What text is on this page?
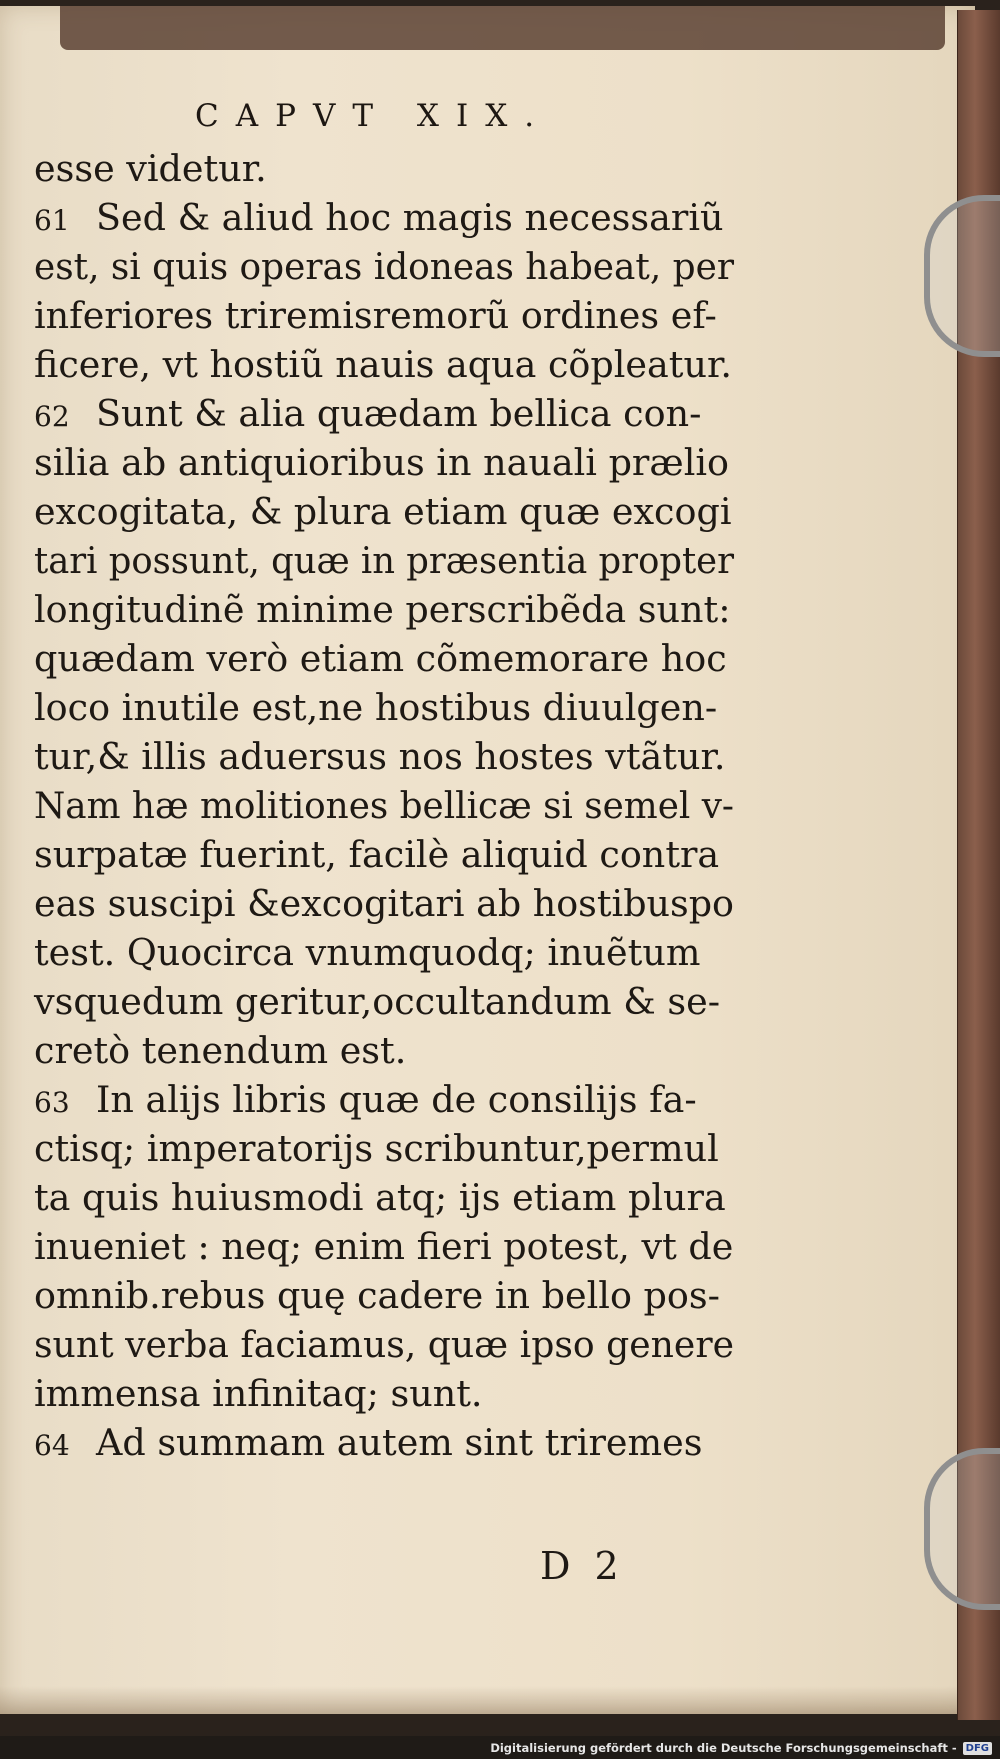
CAPVT XIX.
esse videtur.
61 Sed & aliud hoc magis necessariũ
est, si quis operas idoneas habeat, per
inferiores triremisremorũ ordines ef-
ficere, vt hostiũ nauis aqua cõpleatur.
62 Sunt & alia quædam bellica con-
silia ab antiquioribus in nauali prælio
excogitata, & plura etiam quæ excogi
tari possunt, quæ in præsentia propter
longitudinẽ minime perscribẽda sunt:
quædam verò etiam cõmemorare hoc
loco inutile est,ne hostibus diuulgen-
tur,& illis aduersus nos hostes vtãtur.
Nam hæ molitiones bellicæ si semel v-
surpatæ fuerint, facilè aliquid contra
eas suscipi &excogitari ab hostibuspo
test. Quocirca vnumquodq; inuẽtum
vsquedum geritur,occultandum & se-
cretò tenendum est.
63 In alijs libris quæ de consilijs fa-
ctisq; imperatorijs scribuntur,permul
ta quis huiusmodi atq; ijs etiam plura
inueniet : neq; enim fieri potest, vt de
omnib.rebus quę cadere in bello pos-
sunt verba faciamus, quæ ipso genere
immensa infinitaq; sunt.
64 Ad summam autem sint triremes
D 2
Digitalisierung gefördert durch die Deutsche Forschungsgemeinschaft - DFG
